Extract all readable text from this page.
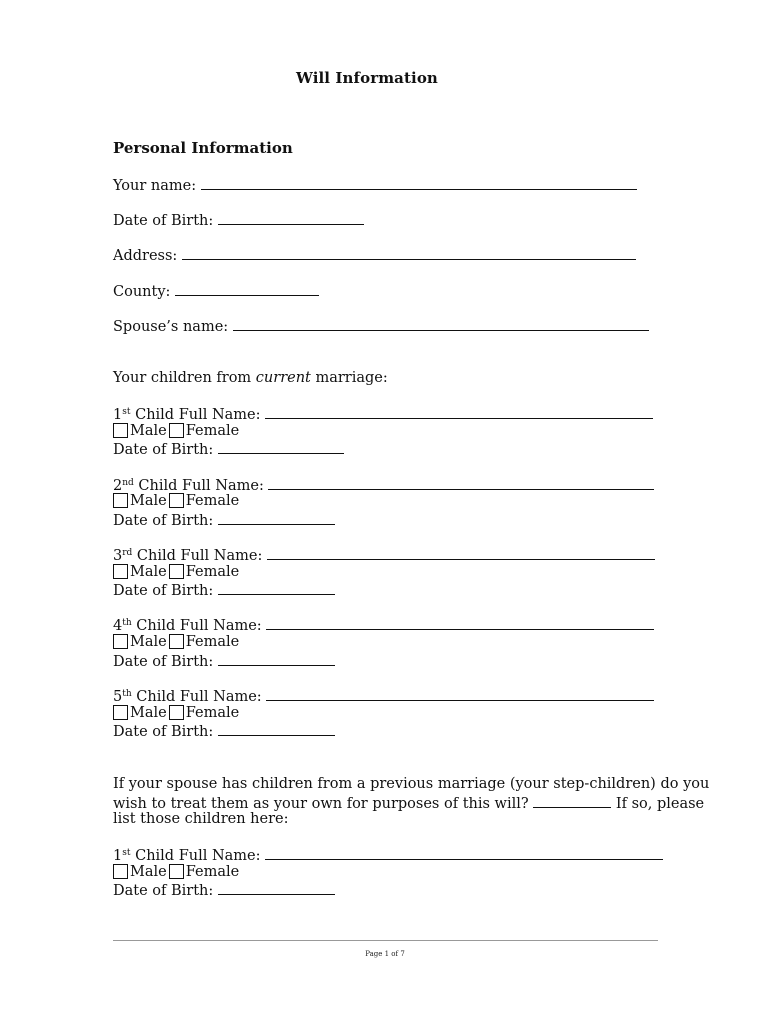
Will Information
Personal Information
Your name:
Date of Birth:
Address:
County:
Spouse’s name:
Your children from current marriage:
1st Child Full Name:
Male Female
Date of Birth:
2nd Child Full Name:
Male Female
Date of Birth:
3rd Child Full Name:
Male Female
Date of Birth:
4th Child Full Name:
Male Female
Date of Birth:
5th Child Full Name:
Male Female
Date of Birth:
If your spouse has children from a previous marriage (your step-children) do you
wish to treat them as your own for purposes of this will?	If so, please
list those children here:
1st Child Full Name:
Male Female
Date of Birth:
Page 1 of 7
